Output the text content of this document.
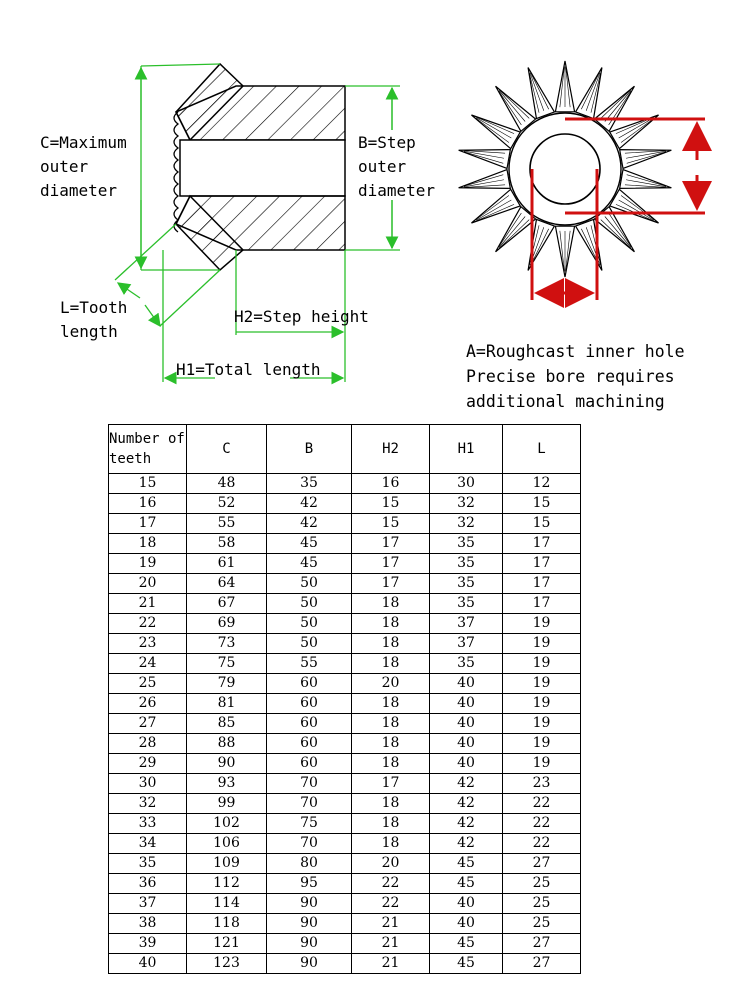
C=Maximum
outer
diameter
B=Step
outer
diameter
L=Tooth
length
H2=Step height
H1=Total length
A=Roughcast inner hole
Precise bore requires
additional machining
Number of teeth	C	B	H2	H1	L
15	48	35	16	30	12
16	52	42	15	32	15
17	55	42	15	32	15
18	58	45	17	35	17
19	61	45	17	35	17
20	64	50	17	35	17
21	67	50	18	35	17
22	69	50	18	37	19
23	73	50	18	37	19
24	75	55	18	35	19
25	79	60	20	40	19
26	81	60	18	40	19
27	85	60	18	40	19
28	88	60	18	40	19
29	90	60	18	40	19
30	93	70	17	42	23
32	99	70	18	42	22
33	102	75	18	42	22
34	106	70	18	42	22
35	109	80	20	45	27
36	112	95	22	45	25
37	114	90	22	40	25
38	118	90	21	40	25
39	121	90	21	45	27
40	123	90	21	45	27
